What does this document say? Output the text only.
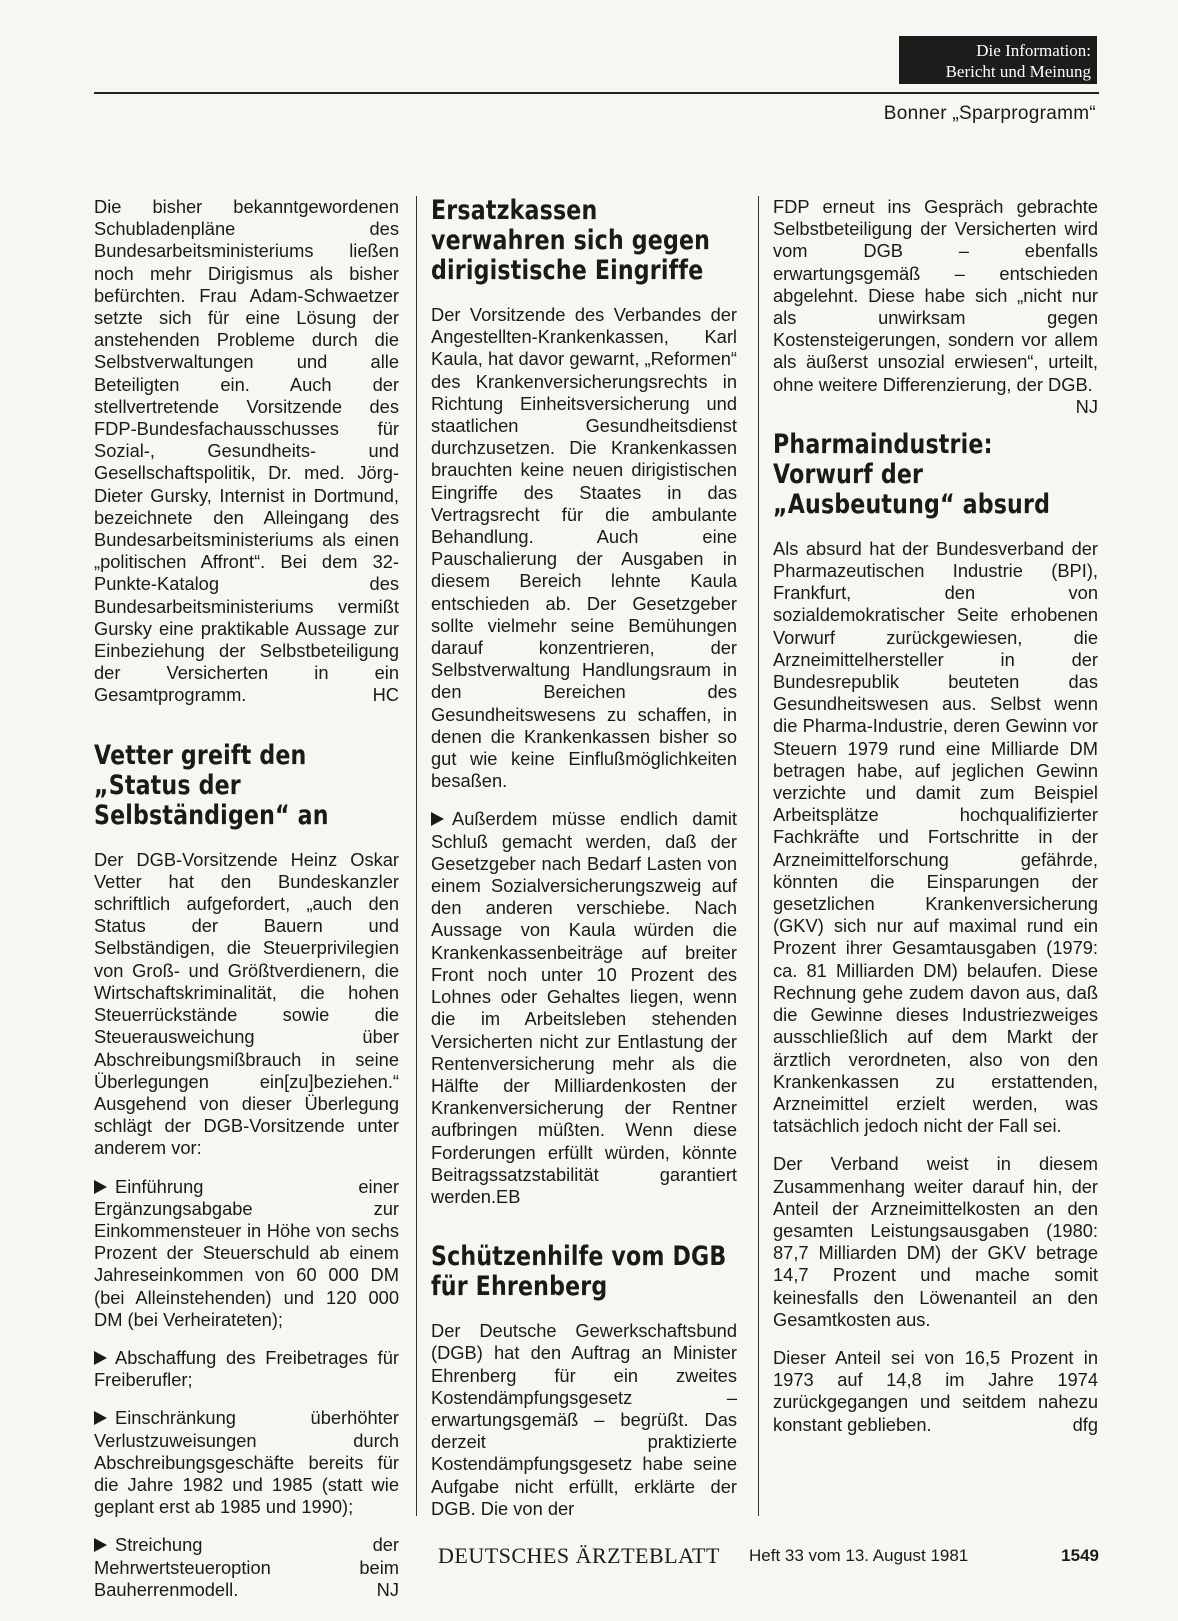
Die Information:
Bericht und Meinung
Bonner „Sparprogramm“

Die bisher bekanntgewordenen Schubladenpläne des Bundesarbeitsministeriums ließen noch mehr Dirigismus als bisher befürchten. Frau Adam-Schwaetzer setzte sich für eine Lösung der anstehenden Probleme durch die Selbstverwaltungen und alle Beteiligten ein. Auch der stellvertretende Vorsitzende des FDP-Bundesfachausschusses für Sozial-, Gesundheits- und Gesellschaftspolitik, Dr. med. Jörg-Dieter Gursky, Internist in Dortmund, bezeichnete den Alleingang des Bundesarbeitsministeriums als einen „politischen Affront“. Bei dem 32-Punkte-Katalog des Bundesarbeitsministeriums vermißt Gursky eine praktikable Aussage zur Einbeziehung der Selbstbeteiligung der Versicherten in ein Gesamtprogramm.	HC

Vetter greift den „Status der Selbständigen“ an

Der DGB-Vorsitzende Heinz Oskar Vetter hat den Bundeskanzler schriftlich aufgefordert, „auch den Status der Bauern und Selbständigen, die Steuerprivilegien von Groß- und Größtverdienern, die Wirtschaftskriminalität, die hohen Steuerrückstände sowie die Steuerausweichung über Abschreibungsmißbrauch in seine Überlegungen ein[zu]beziehen.“ Ausgehend von dieser Überlegung schlägt der DGB-Vorsitzende unter anderem vor:

Einführung einer Ergänzungsabgabe zur Einkommensteuer in Höhe von sechs Prozent der Steuerschuld ab einem Jahreseinkommen von 60 000 DM (bei Alleinstehenden) und 120 000 DM (bei Verheirateten);

Abschaffung des Freibetrages für Freiberufler;

Einschränkung überhöhter Verlustzuweisungen durch Abschreibungsgeschäfte bereits für die Jahre 1982 und 1985 (statt wie geplant erst ab 1985 und 1990);

Streichung der Mehrwertsteueroption beim Bauherrenmodell.	NJ

Ersatzkassen verwahren sich gegen dirigistische Eingriffe

Der Vorsitzende des Verbandes der Angestellten-Krankenkassen, Karl Kaula, hat davor gewarnt, „Reformen“ des Krankenversicherungsrechts in Richtung Einheitsversicherung und staatlichen Gesundheitsdienst durchzusetzen. Die Krankenkassen brauchten keine neuen dirigistischen Eingriffe des Staates in das Vertragsrecht für die ambulante Behandlung. Auch eine Pauschalierung der Ausgaben in diesem Bereich lehnte Kaula entschieden ab. Der Gesetzgeber sollte vielmehr seine Bemühungen darauf konzentrieren, der Selbstverwaltung Handlungsraum in den Bereichen des Gesundheitswesens zu schaffen, in denen die Krankenkassen bisher so gut wie keine Einflußmöglichkeiten besaßen.

Außerdem müsse endlich damit Schluß gemacht werden, daß der Gesetzgeber nach Bedarf Lasten von einem Sozialversicherungszweig auf den anderen verschiebe. Nach Aussage von Kaula würden die Krankenkassenbeiträge auf breiter Front noch unter 10 Prozent des Lohnes oder Gehaltes liegen, wenn die im Arbeitsleben stehenden Versicherten nicht zur Entlastung der Rentenversicherung mehr als die Hälfte der Milliardenkosten der Krankenversicherung der Rentner aufbringen müßten. Wenn diese Forderungen erfüllt würden, könnte Beitragssatzstabilität garantiert werden.EB

Schützenhilfe vom DGB für Ehrenberg

Der Deutsche Gewerkschaftsbund (DGB) hat den Auftrag an Minister Ehrenberg für ein zweites Kostendämpfungsgesetz – erwartungsgemäß – begrüßt. Das derzeit praktizierte Kostendämpfungsgesetz habe seine Aufgabe nicht erfüllt, erklärte der DGB. Die von der

FDP erneut ins Gespräch gebrachte Selbstbeteiligung der Versicherten wird vom DGB – ebenfalls erwartungsgemäß – entschieden abgelehnt. Diese habe sich „nicht nur als unwirksam gegen Kostensteigerungen, sondern vor allem als äußerst unsozial erwiesen“, urteilt, ohne weitere Differenzierung, der DGB.
NJ

Pharmaindustrie: Vorwurf der „Ausbeutung“ absurd

Als absurd hat der Bundesverband der Pharmazeutischen Industrie (BPI), Frankfurt, den von sozialdemokratischer Seite erhobenen Vorwurf zurückgewiesen, die Arzneimittelhersteller in der Bundesrepublik beuteten das Gesundheitswesen aus. Selbst wenn die Pharma-Industrie, deren Gewinn vor Steuern 1979 rund eine Milliarde DM betragen habe, auf jeglichen Gewinn verzichte und damit zum Beispiel Arbeitsplätze hochqualifizierter Fachkräfte und Fortschritte in der Arzneimittelforschung gefährde, könnten die Einsparungen der gesetzlichen Krankenversicherung (GKV) sich nur auf maximal rund ein Prozent ihrer Gesamtausgaben (1979: ca. 81 Milliarden DM) belaufen. Diese Rechnung gehe zudem davon aus, daß die Gewinne dieses Industriezweiges ausschließlich auf dem Markt der ärztlich verordneten, also von den Krankenkassen zu erstattenden, Arzneimittel erzielt werden, was tatsächlich jedoch nicht der Fall sei.

Der Verband weist in diesem Zusammenhang weiter darauf hin, der Anteil der Arzneimittelkosten an den gesamten Leistungsausgaben (1980: 87,7 Milliarden DM) der GKV betrage 14,7 Prozent und mache somit keinesfalls den Löwenanteil an den Gesamtkosten aus.

Dieser Anteil sei von 16,5 Prozent in 1973 auf 14,8 im Jahre 1974 zurückgegangen und seitdem nahezu konstant geblieben.	dfg

DEUTSCHES ÄRZTEBLATT Heft 33 vom 13. August 1981	1549
